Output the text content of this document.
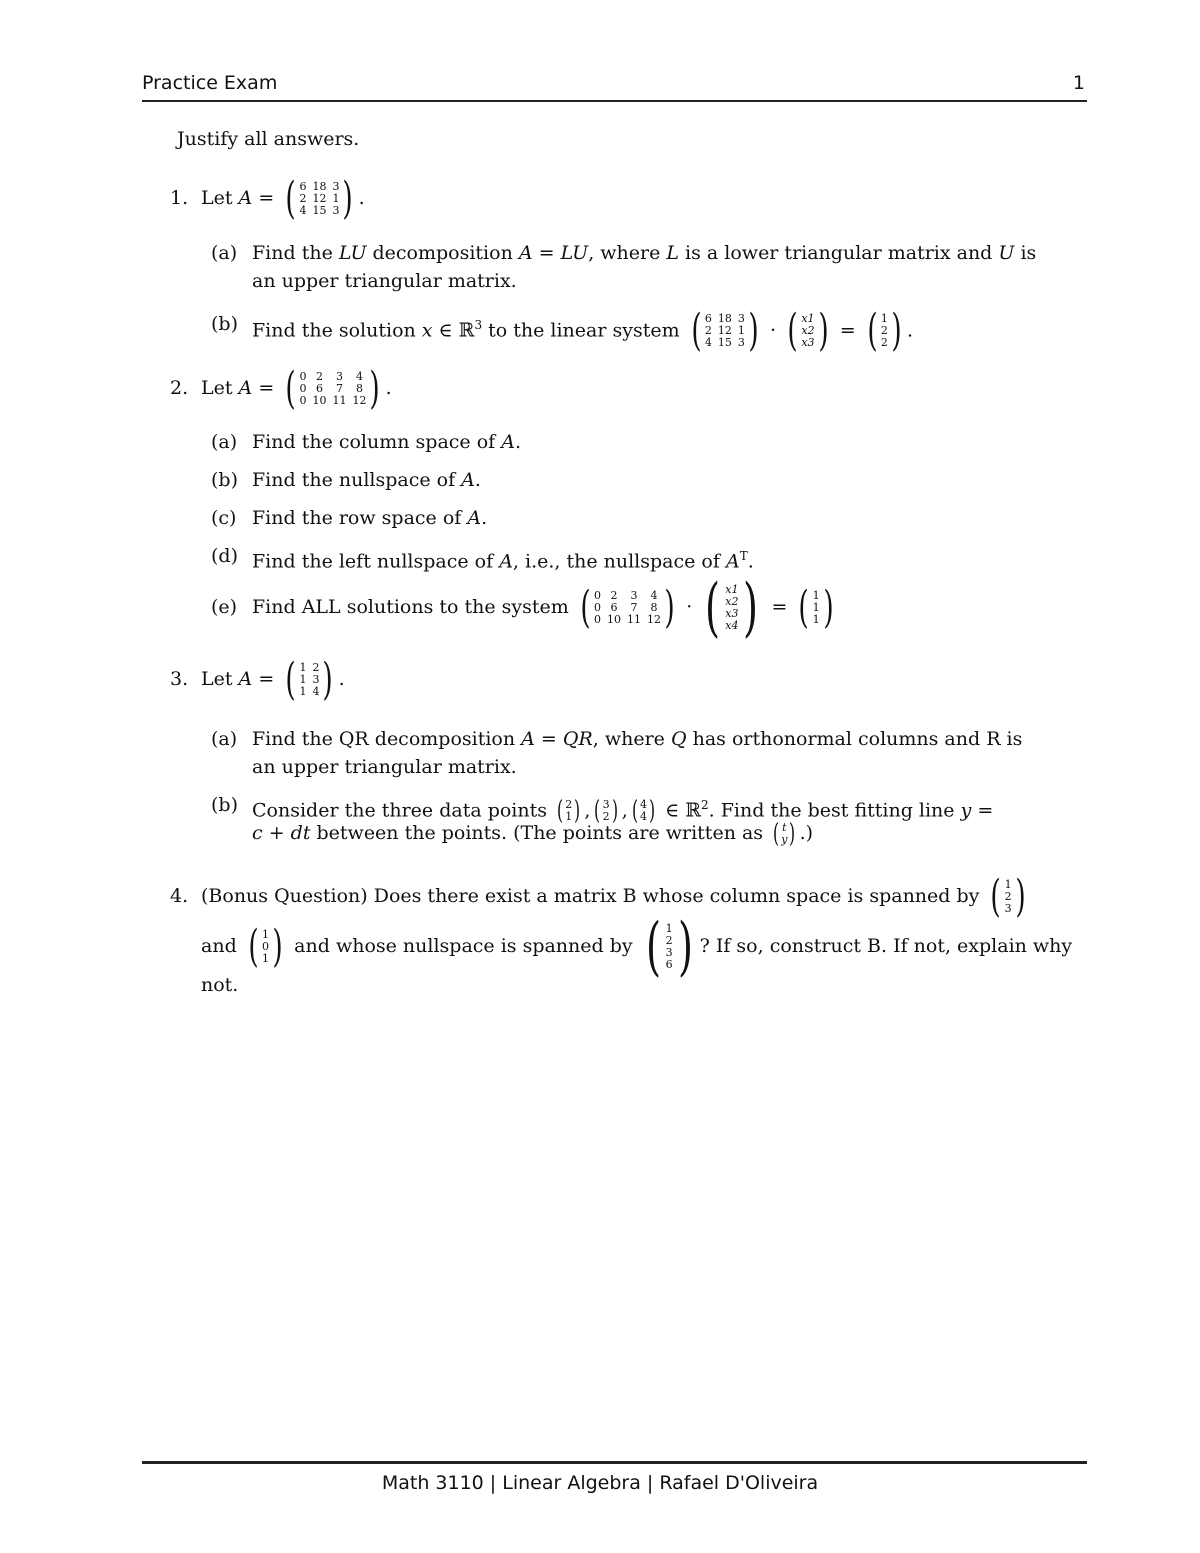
Practice Exam	1
Justify all answers.
1. Let A = ( 6 18 3
2 12 1
4 15 3 ) .
(a) Find the LU decomposition A = LU, where L is a lower triangular matrix and U is
an upper triangular matrix.
(b) Find the solution x ∈ ℝ$^3$ to the linear system ( 6 18 3
2 12 1
4 15 3 ) · ( x1
x2
x3 ) = ( 1
2
2 ) .
2. Let A = ( 0 2	3	4
0 6	7	8
0 10 11 12 ) .
(a) Find the column space of A.
(b) Find the nullspace of A.
(c) Find the row space of A.
(d) Find the left nullspace of A, i.e., the nullspace of $A^T$.
(e) Find ALL solutions to the system ( 0 2	3	4
0 6	7	8
0 10 11 12 ) · ( x1
x2
x3
x4 ) = ( 1
1
1 )
3. Let A = ( 1 2
1 3
1 4 ) .
(a) Find the QR decomposition A = QR, where Q has orthonormal columns and R is
an upper triangular matrix.
(b) Consider the three data points ( 2
1 ) , ( 3
2 ) , ( 4
4 ) ∈ ℝ$^2$. Find the best fitting line y =
c + dt between the points. (The points are written as ( t
y ) .)
4. (Bonus Question) Does there exist a matrix B whose column space is spanned by ( 1
2
3 )
and ( 1
0
1 ) and whose nullspace is spanned by ( 1
2
3
6 ) ? If so, construct B. If not, explain why
not.
Math 3110 | Linear Algebra | Rafael D'Oliveira
